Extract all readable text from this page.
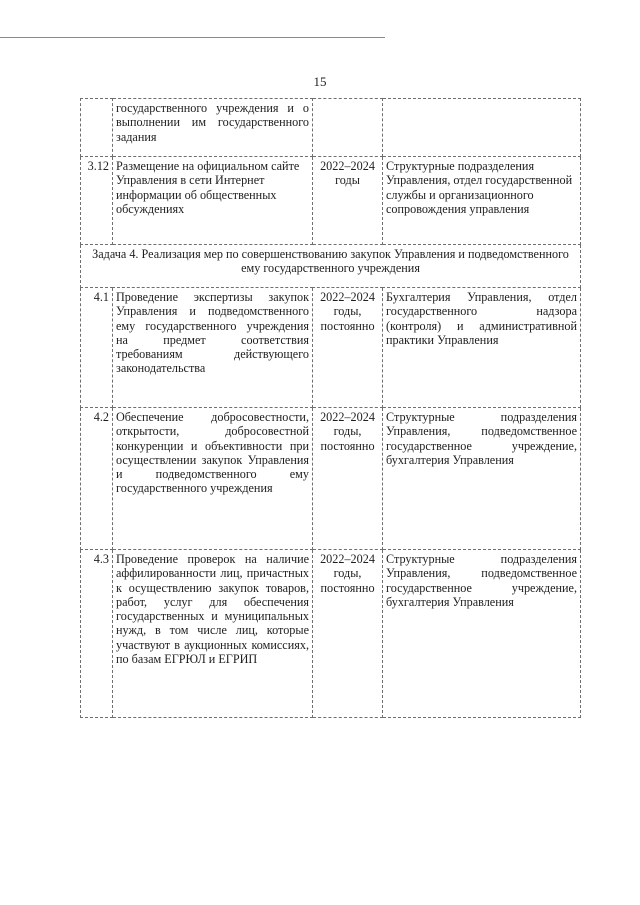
15
	государственного учреждения и о выполнении им государственного задания		
3.12	Размещение на официальном сайте Управления в сети Интернет информации об общественных обсуждениях	2022–2024 годы	Структурные подразделения Управления, отдел государственной службы и организационного сопровождения управления
Задача 4. Реализация мер по совершенствованию закупок Управления и подведомственного ему государственного учреждения			
4.1	Проведение экспертизы закупок Управления и подведомственного ему государственного учреждения на предмет соответствия требованиям действующего законодательства	2022–2024 годы, постоянно	Бухгалтерия Управления, отдел государственного надзора (контроля) и административной практики Управления
4.2	Обеспечение добросовестности, открытости, добросовестной конкуренции и объективности при осуществлении закупок Управления и подведомственного ему государственного учреждения	2022–2024 годы, постоянно	Структурные подразделения Управления, подведомственное государственное учреждение, бухгалтерия Управления
4.3	Проведение проверок на наличие аффилированности лиц, причастных к осуществлению закупок товаров, работ, услуг для обеспечения государственных и муниципальных нужд, в том числе лиц, которые участвуют в аукционных комиссиях, по базам ЕГРЮЛ и ЕГРИП	2022–2024 годы, постоянно	Структурные подразделения Управления, подведомственное государственное учреждение, бухгалтерия Управления
